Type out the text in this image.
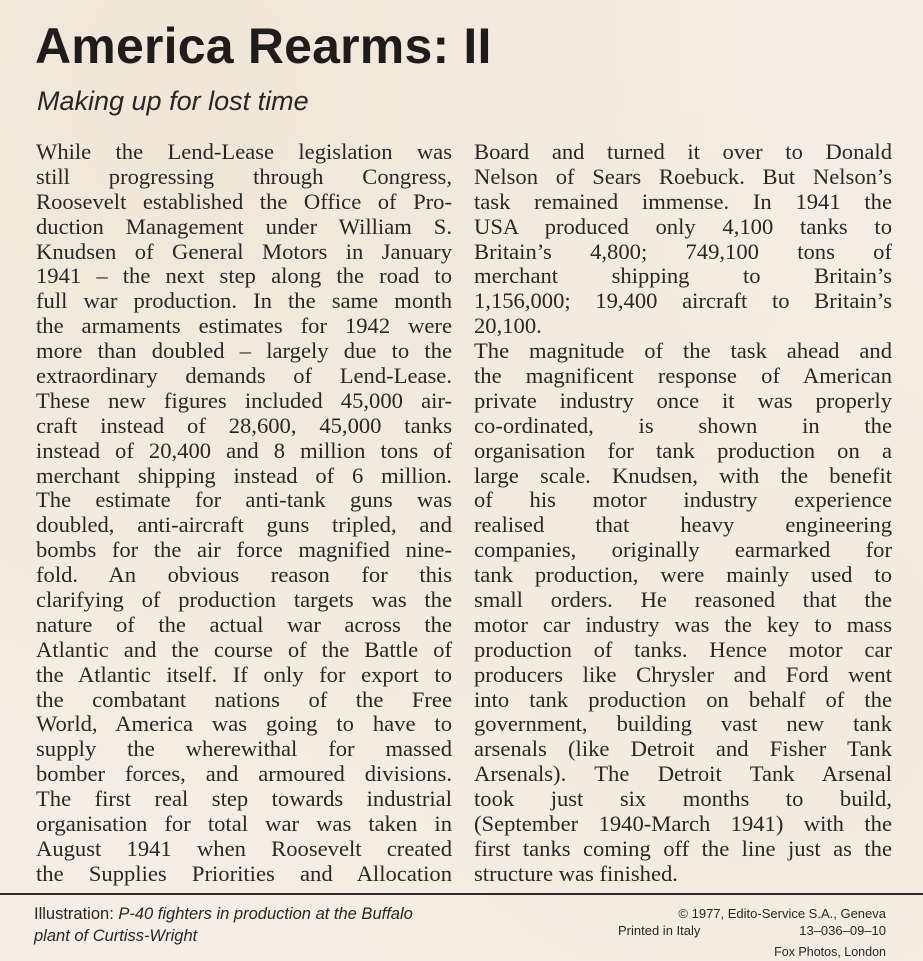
America Rearms: II
Making up for lost time
While the Lend-Lease legislation was
still progressing through Congress,
Roosevelt established the Office of Pro-
duction Management under William S.
Knudsen of General Motors in January
1941 – the next step along the road to
full war production. In the same month
the armaments estimates for 1942 were
more than doubled – largely due to the
extraordinary demands of Lend-Lease.
These new figures included 45,000 air-
craft instead of 28,600, 45,000 tanks
instead of 20,400 and 8 million tons of
merchant shipping instead of 6 million.
The estimate for anti-tank guns was
doubled, anti-aircraft guns tripled, and
bombs for the air force magnified nine-
fold. An obvious reason for this
clarifying of production targets was the
nature of the actual war across the
Atlantic and the course of the Battle of
the Atlantic itself. If only for export to
the combatant nations of the Free
World, America was going to have to
supply the wherewithal for massed
bomber forces, and armoured divisions.
The first real step towards industrial
organisation for total war was taken in
August 1941 when Roosevelt created
the Supplies Priorities and Allocation
Board and turned it over to Donald
Nelson of Sears Roebuck. But Nelson’s
task remained immense. In 1941 the
USA produced only 4,100 tanks to
Britain’s 4,800; 749,100 tons of
merchant shipping to Britain’s
1,156,000; 19,400 aircraft to Britain’s
20,100.
The magnitude of the task ahead and
the magnificent response of American
private industry once it was properly
co-ordinated, is shown in the
organisation for tank production on a
large scale. Knudsen, with the benefit
of his motor industry experience
realised that heavy engineering
companies, originally earmarked for
tank production, were mainly used to
small orders. He reasoned that the
motor car industry was the key to mass
production of tanks. Hence motor car
producers like Chrysler and Ford went
into tank production on behalf of the
government, building vast new tank
arsenals (like Detroit and Fisher Tank
Arsenals). The Detroit Tank Arsenal
took just six months to build,
(September 1940-March 1941) with the
first tanks coming off the line just as the
structure was finished.
Illustration: P-40 fighters in production at the Buffalo
plant of Curtiss-Wright
© 1977, Edito-Service S.A., Geneva
Printed in Italy	13–036–09–10
Fox Photos, London
